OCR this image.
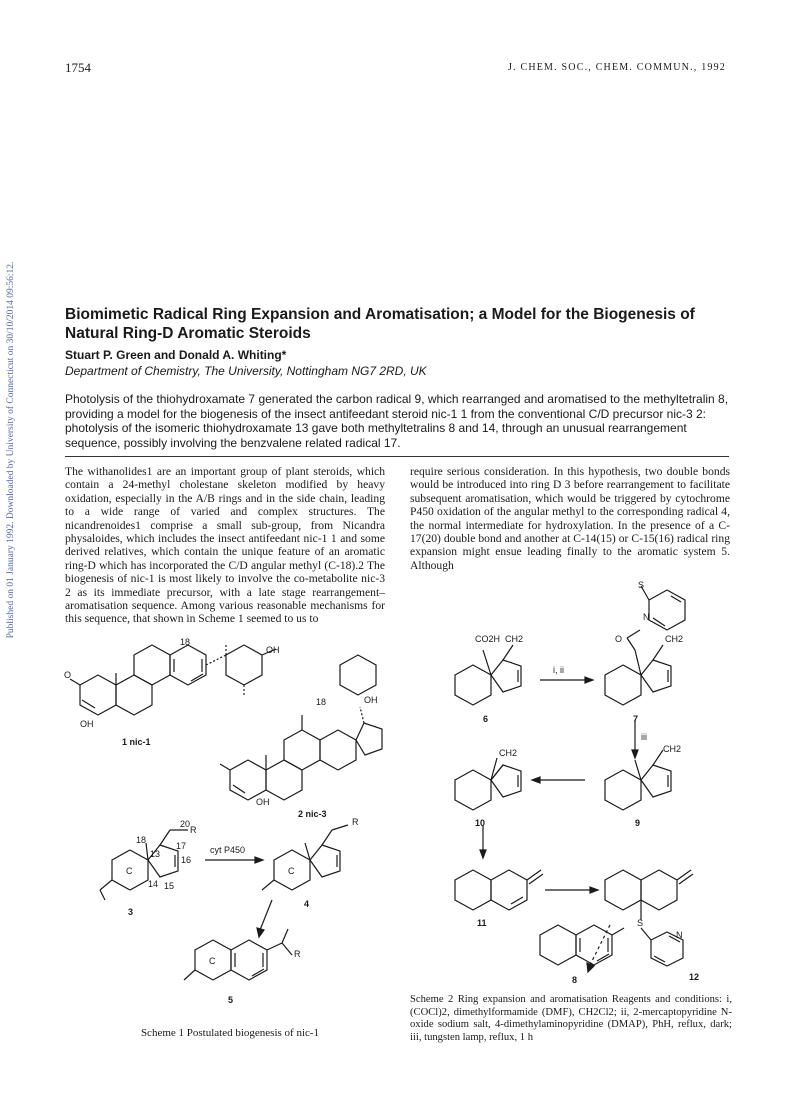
1754	J. CHEM. SOC., CHEM. COMMUN., 1992
Published on 01 January 1992. Downloaded by University of Connecticut on 30/10/2014 09:56:12.	Biomimetic Radical Ring Expansion and Aromatisation; a Model for the Biogenesis of Natural Ring-D Aromatic Steroids
Stuart P. Green and Donald A. Whiting*
Department of Chemistry, The University, Nottingham NG7 2RD, UK
Photolysis of the thiohydroxamate 7 generated the carbon radical 9, which rearranged and aromatised to the methyltetralin 8, providing a model for the biogenesis of the insect antifeedant steroid nic-1 1 from the conventional C/D precursor nic-3 2: photolysis of the isomeric thiohydroxamate 13 gave both methyltetralins 8 and 14, through an unusual rearrangement sequence, possibly involving the benzvalene related radical 17.
The withanolides1 are an important group of plant steroids, which contain a 24-methyl cholestane skeleton modified by heavy oxidation, especially in the A/B rings and in the side chain, leading to a wide range of varied and complex structures. The nicandrenoides1 comprise a small sub-group, from Nicandra physaloides, which includes the insect antifeedant nic-1 1 and some derived relatives, which contain the unique feature of an aromatic ring-D which has incorporated the C/D angular methyl (C-18).2 The biogenesis of nic-1 is most likely to involve the co-metabolite nic-3 2 as its immediate precursor, with a late stage rearrangement–aromatisation sequence. Among various reasonable mechanisms for this sequence, that shown in Scheme 1 seemed to us to
require serious consideration. In this hypothesis, two double bonds would be introduced into ring D 3 before rearrangement to facilitate subsequent aromatisation, which would be triggered by cytochrome P450 oxidation of the angular methyl to the corresponding radical 4, the normal intermediate for hydroxylation. In the presence of a C-17(20) double bond and another at C-14(15) or C-15(16) radical ring expansion might ensue leading finally to the aromatic system 5. Although
O
OH
18
OH
1 nic-1
18	OH
OH
2 nic-3
20
R
18
13
17
16
14 15
C
cyt P450
R
C
3
4
C
R
5
Scheme 1 Postulated biogenesis of nic-1
CO2H CH2
6
i, ii
O	CH2
S
N
7
iii
CH2
9
CH2
10
11	S
N
12
8
Scheme 2 Ring expansion and aromatisation Reagents and conditions: i, (COCl)2, dimethylformamide (DMF), CH2Cl2; ii, 2-mercaptopyridine N-oxide sodium salt, 4-dimethylaminopyridine (DMAP), PhH, reflux, dark; iii, tungsten lamp, reflux, 1 h
